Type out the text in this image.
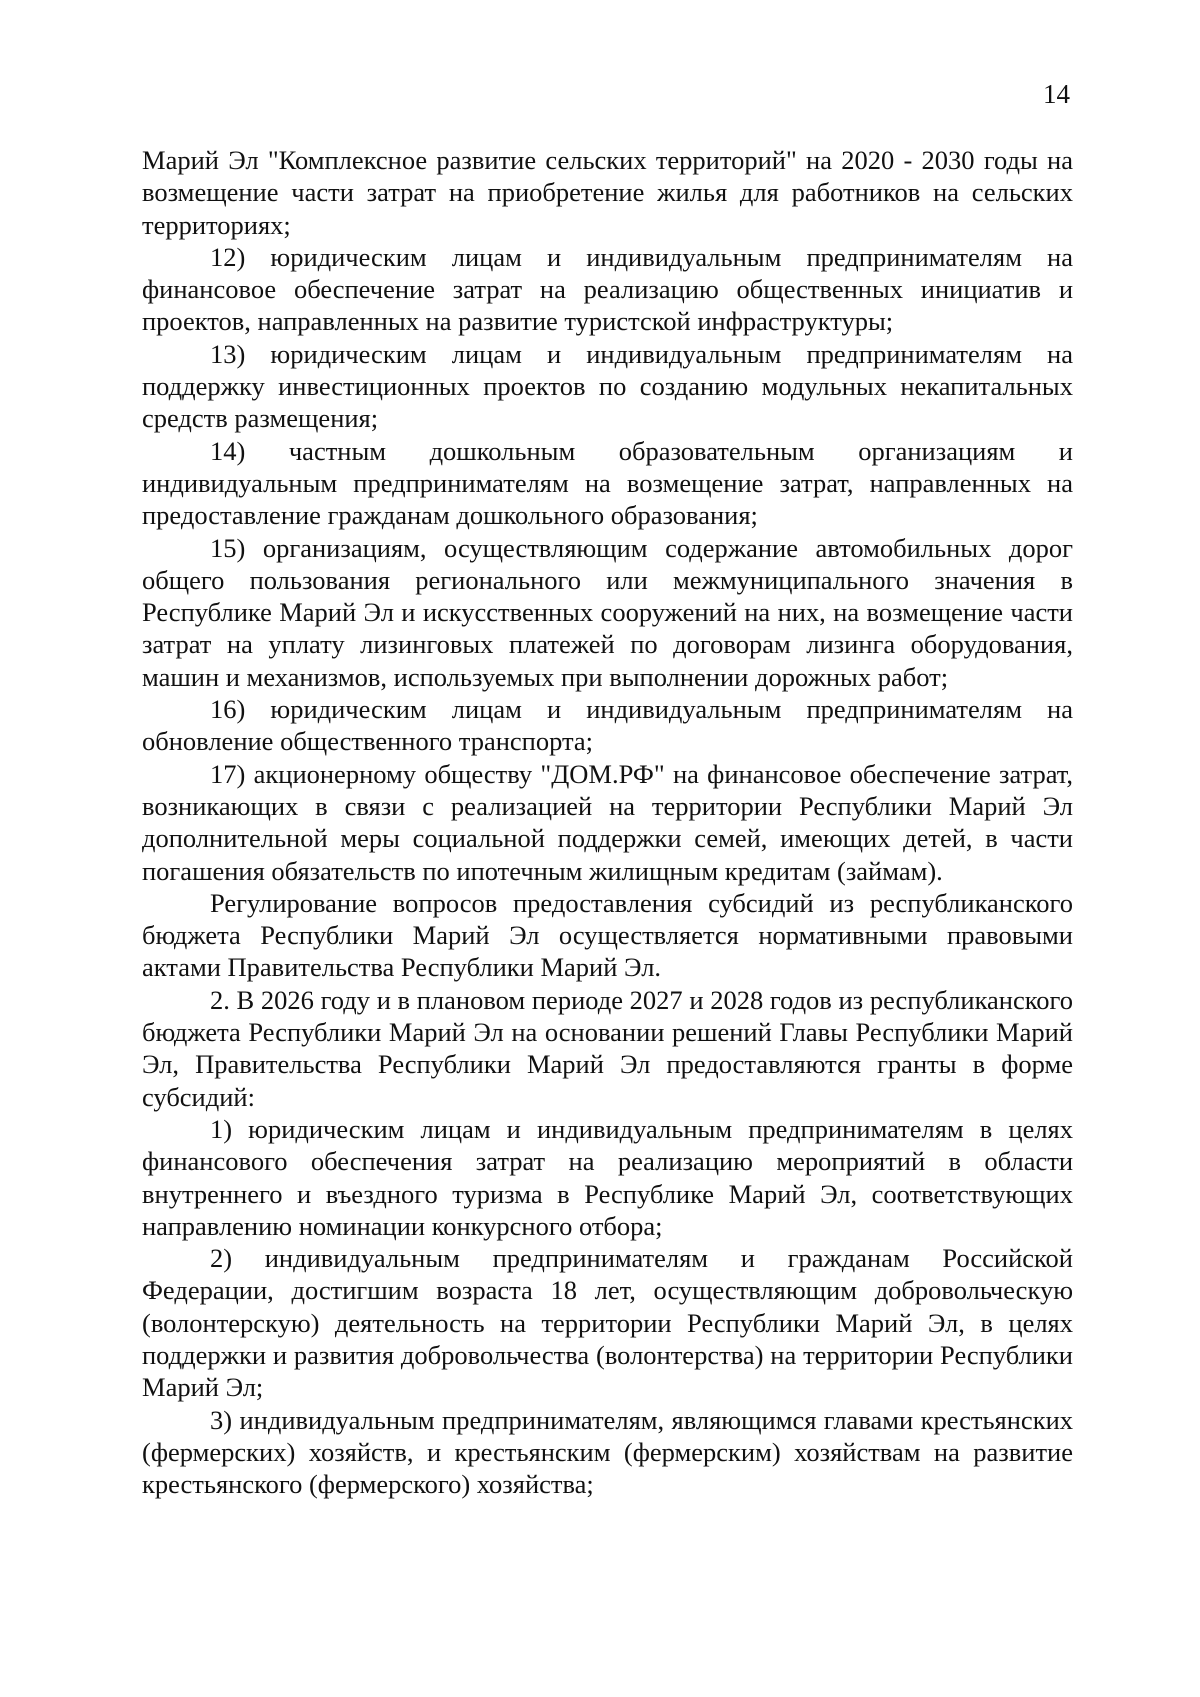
14

Марий Эл "Комплексное развитие сельских территорий" на 2020 - 2030 годы на возмещение части затрат на приобретение жилья для работников на сельских территориях;

12) юридическим лицам и индивидуальным предпринимателям на финансовое обеспечение затрат на реализацию общественных инициатив и проектов, направленных на развитие туристской инфраструктуры;

13) юридическим лицам и индивидуальным предпринимателям на поддержку инвестиционных проектов по созданию модульных некапитальных средств размещения;

14) частным дошкольным образовательным организациям и индивидуальным предпринимателям на возмещение затрат, направленных на предоставление гражданам дошкольного образования;

15) организациям, осуществляющим содержание автомобильных дорог общего пользования регионального или межмуниципального значения в Республике Марий Эл и искусственных сооружений на них, на возмещение части затрат на уплату лизинговых платежей по договорам лизинга оборудования, машин и механизмов, используемых при выполнении дорожных работ;

16) юридическим лицам и индивидуальным предпринимателям на обновление общественного транспорта;

17) акционерному обществу "ДОМ.РФ" на финансовое обеспечение затрат, возникающих в связи с реализацией на территории Республики Марий Эл дополнительной меры социальной поддержки семей, имеющих детей, в части погашения обязательств по ипотечным жилищным кредитам (займам).

Регулирование вопросов предоставления субсидий из республиканского бюджета Республики Марий Эл осуществляется нормативными правовыми актами Правительства Республики Марий Эл.

2. В 2026 году и в плановом периоде 2027 и 2028 годов из республиканского бюджета Республики Марий Эл на основании решений Главы Республики Марий Эл, Правительства Республики Марий Эл предоставляются гранты в форме субсидий:

1) юридическим лицам и индивидуальным предпринимателям в целях финансового обеспечения затрат на реализацию мероприятий в области внутреннего и въездного туризма в Республике Марий Эл, соответствующих направлению номинации конкурсного отбора;

2) индивидуальным предпринимателям и гражданам Российской Федерации, достигшим возраста 18 лет, осуществляющим добровольческую (волонтерскую) деятельность на территории Республики Марий Эл, в целях поддержки и развития добровольчества (волонтерства) на территории Республики Марий Эл;

3) индивидуальным предпринимателям, являющимся главами крестьянских (фермерских) хозяйств, и крестьянским (фермерским) хозяйствам на развитие крестьянского (фермерского) хозяйства;
